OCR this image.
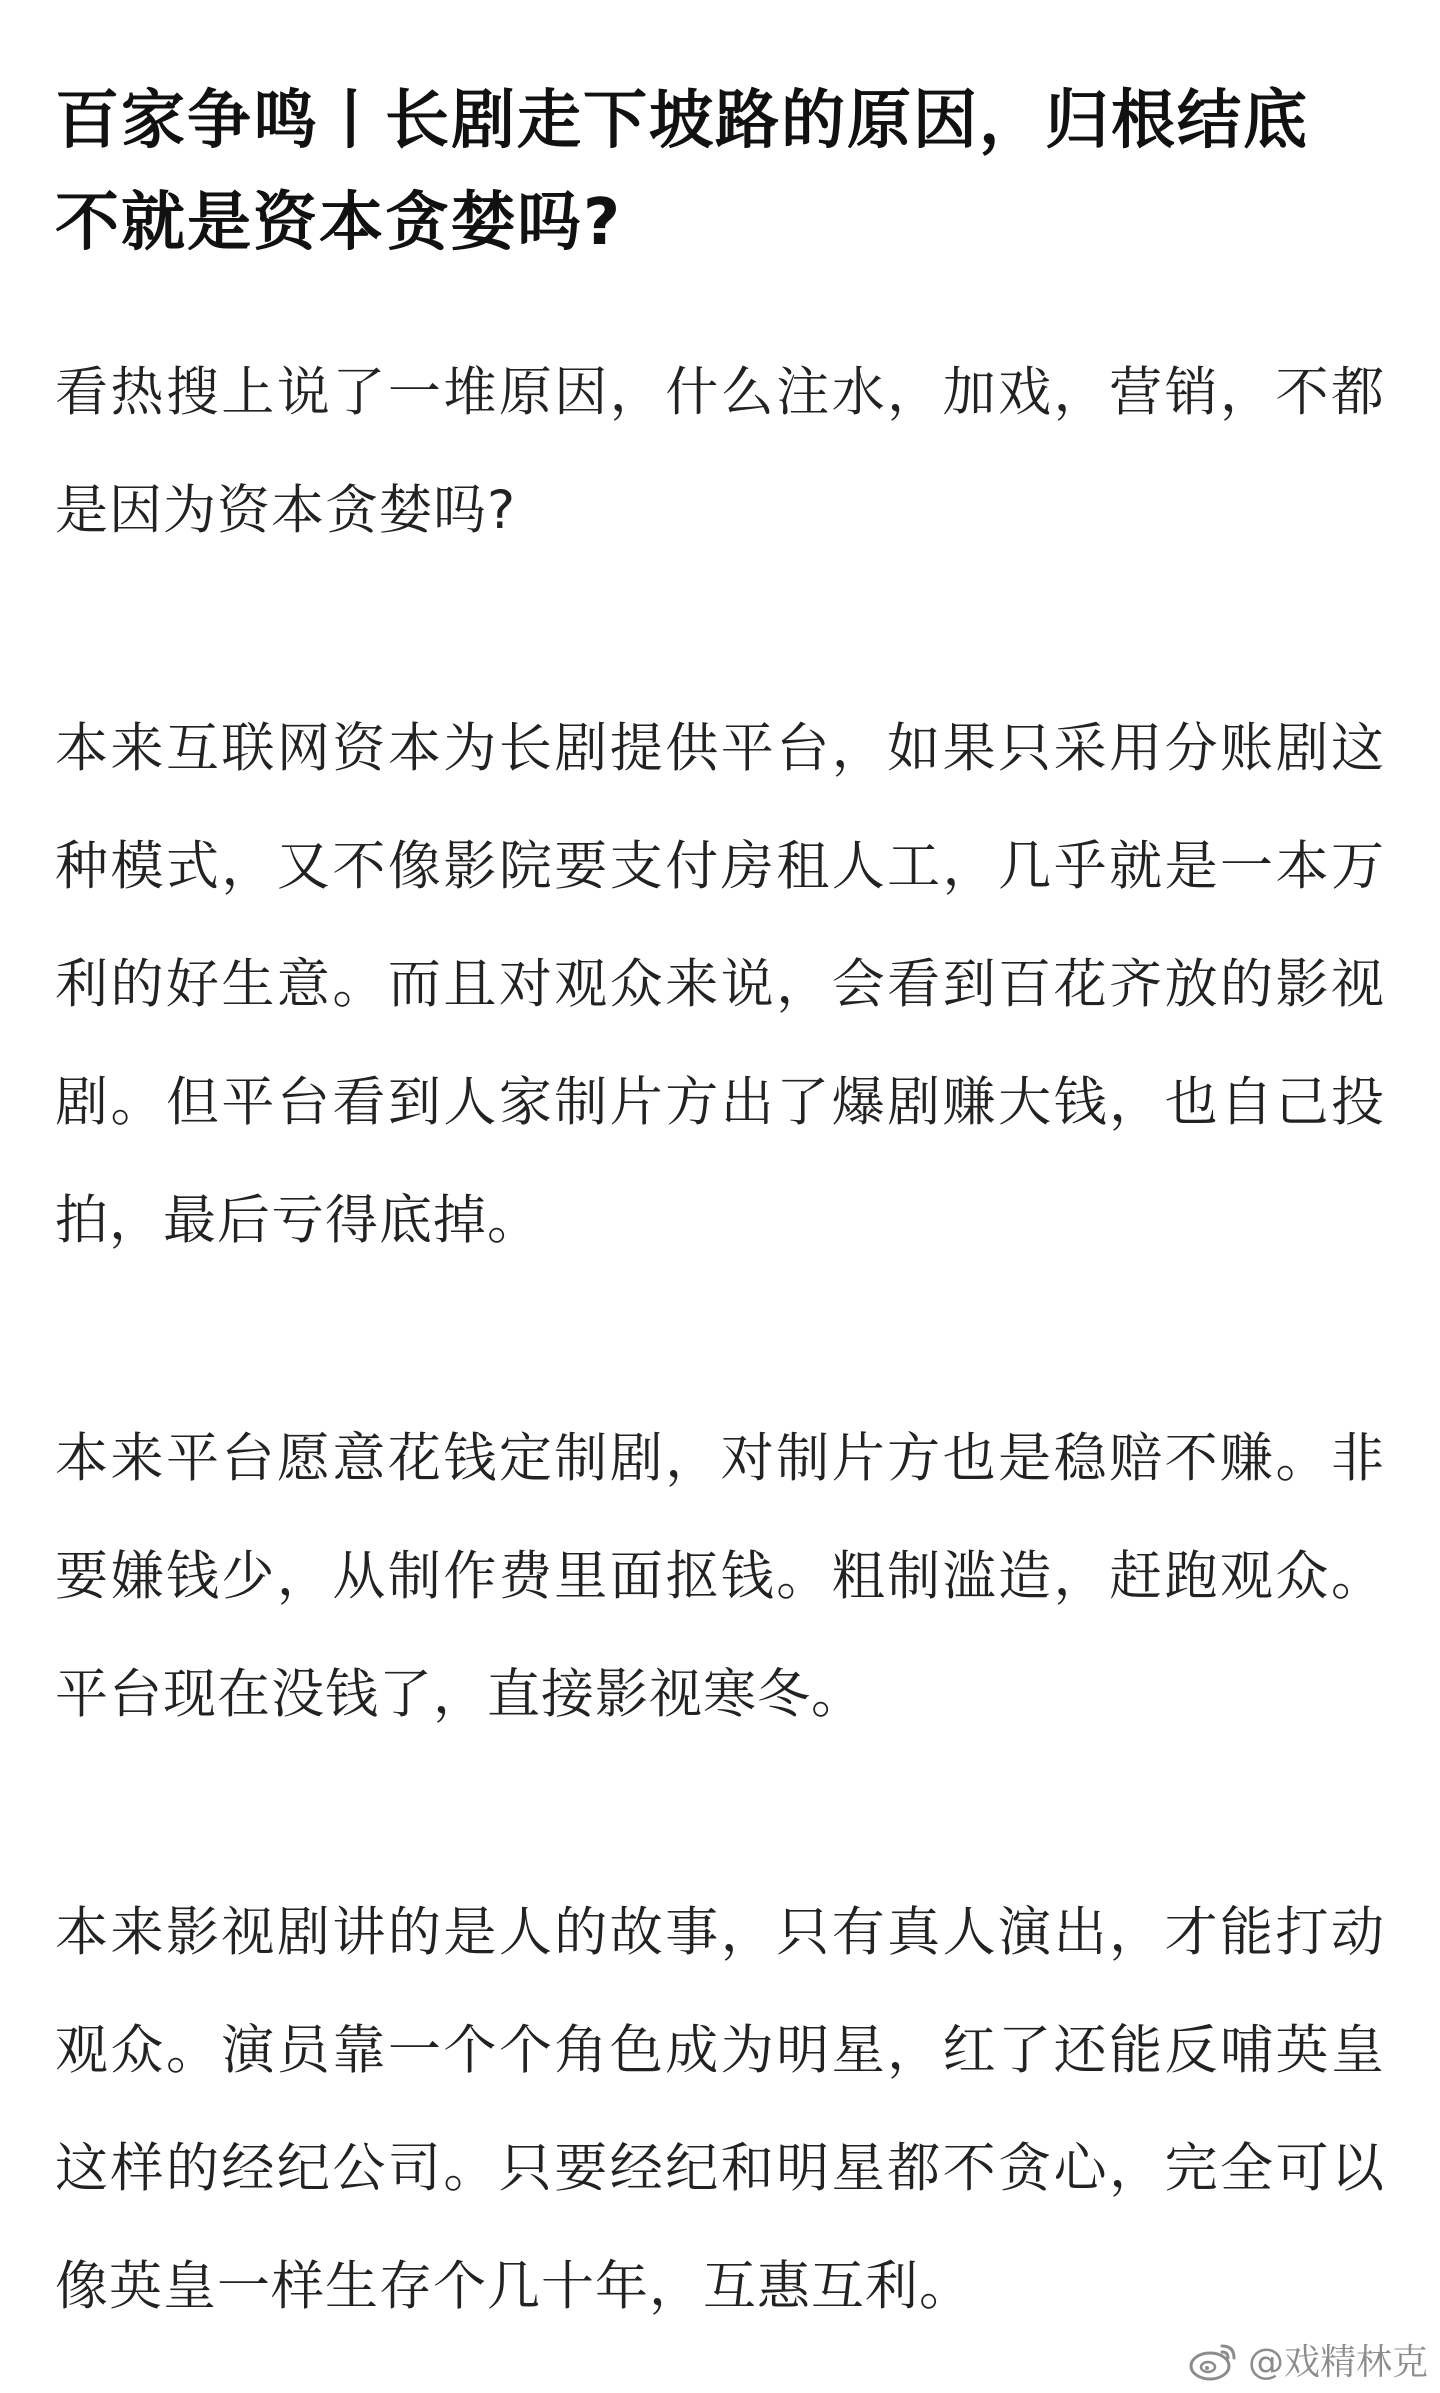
百家争鸣丨长剧走下坡路的原因，归根结底不就是资本贪婪吗?

看热搜上说了一堆原因，什么注水，加戏，营销，不都是因为资本贪婪吗?

本来互联网资本为长剧提供平台，如果只采用分账剧这种模式，又不像影院要支付房租人工，几乎就是一本万利的好生意。而且对观众来说，会看到百花齐放的影视剧。但平台看到人家制片方出了爆剧赚大钱，也自己投拍，最后亏得底掉。

本来平台愿意花钱定制剧，对制片方也是稳赔不赚。非要嫌钱少，从制作费里面抠钱。粗制滥造，赶跑观众。平台现在没钱了，直接影视寒冬。

本来影视剧讲的是人的故事，只有真人演出，才能打动观众。演员靠一个个角色成为明星，红了还能反哺英皇这样的经纪公司。只要经纪和明星都不贪心，完全可以像英皇一样生存个几十年，互惠互利。

@戏精林克
